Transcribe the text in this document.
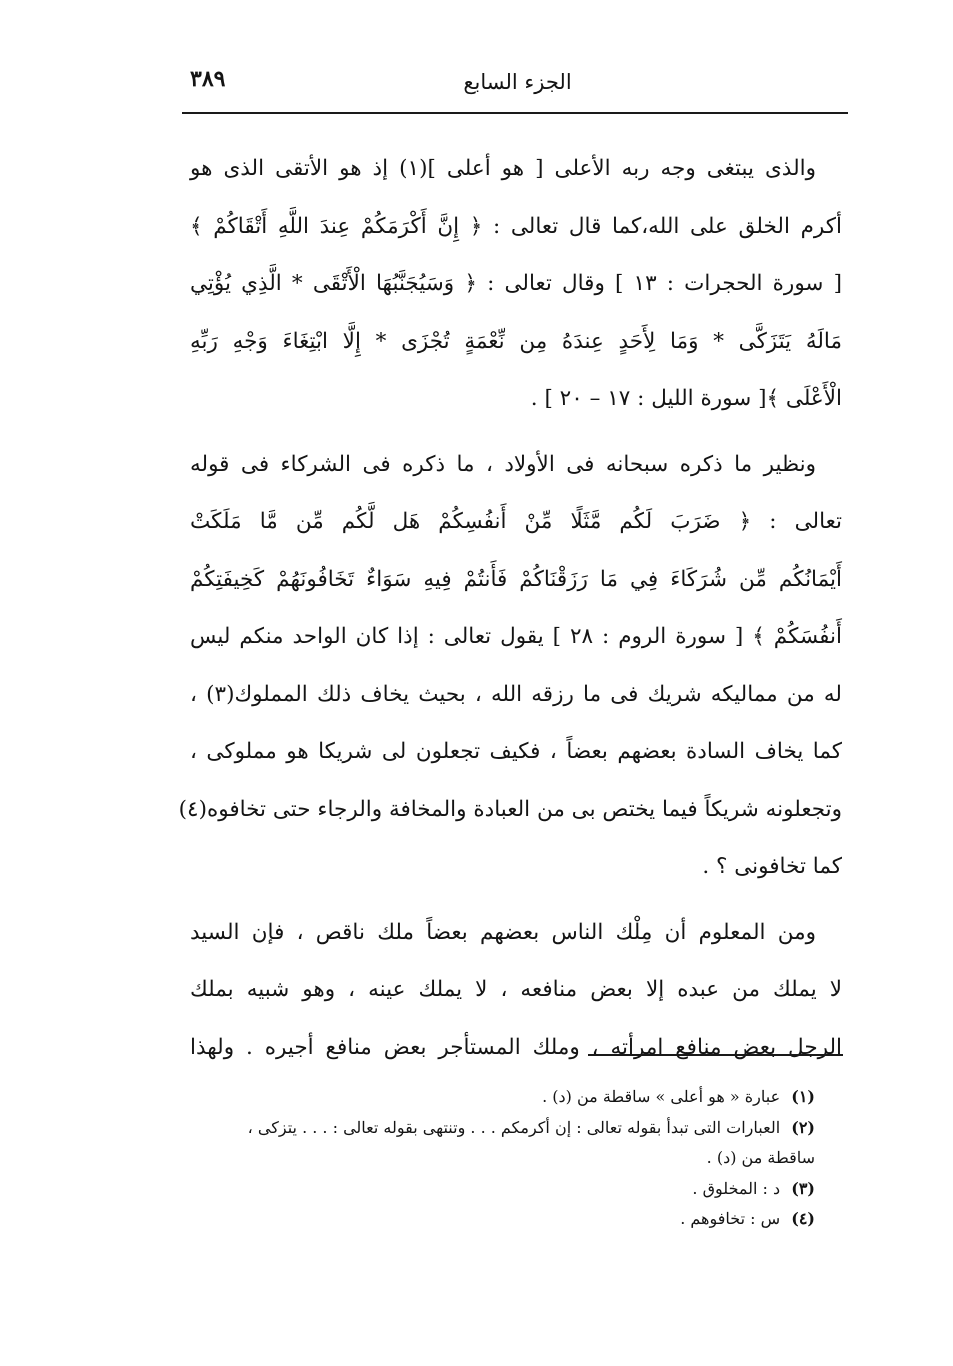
٣٨٩	الجزء السابع
والذى يبتغى وجه ربه الأعلى [ هو أعلى ](١) إذ هو الأتقى الذى هو
أكرم الخلق على الله،كما قال تعالى : ﴿ إِنَّ أَكْرَمَكُمْ عِندَ اللَّهِ أَتْقَاكُمْ ﴾
[ سورة الحجرات : ١٣ ] وقال تعالى : ﴿ وَسَيُجَنَّبُهَا الْأَتْقَى * الَّذِي يُؤْتِي
مَالَهُ يَتَزَكَّى * وَمَا لِأَحَدٍ عِندَهُ مِن نِّعْمَةٍ تُجْزَى * إِلَّا ابْتِغَاءَ وَجْهِ رَبِّهِ
الْأَعْلَى ﴾[ سورة الليل : ١٧ – ٢٠ ] .
ونظير ما ذكره سبحانه فى الأولاد ، ما ذكره فى الشركاء فى قوله
تعالى : ﴿ ضَرَبَ لَكُم مَّثَلًا مِّنْ أَنفُسِكُمْ هَل لَّكُم مِّن مَّا مَلَكَتْ
أَيْمَانُكُم مِّن شُرَكَاءَ فِي مَا رَزَقْنَاكُمْ فَأَنتُمْ فِيهِ سَوَاءٌ تَخَافُونَهُمْ كَخِيفَتِكُمْ
أَنفُسَكُمْ ﴾ [ سورة الروم : ٢٨ ] يقول تعالى : إذا كان الواحد منكم ليس
له من مماليكه شريك فى ما رزقه الله ، بحيث يخاف ذلك المملوك(٣) ،
كما يخاف السادة بعضهم بعضاً ، فكيف تجعلون لى شريكا هو مملوكى ،
وتجعلونه شريكاً فيما يختص بى من العبادة والمخافة والرجاء حتى تخافوه(٤)
كما تخافونى ؟ .
ومن المعلوم أن مِلْك الناس بعضهم بعضاً ملك ناقص ، فإن السيد
لا يملك من عبده إلا بعض منافعه ، لا يملك عينه ، وهو شبيه بملك
الرجل بعض منافع امرأته ، وملك المستأجر بعض منافع أجيره . ولهذا
(١) عبارة « هو أعلى » ساقطة من (د) .
(٢) العبارات التى تبدأ بقوله تعالى : إن أكرمكم . . . وتنتهى بقوله تعالى : . . . يتزكى ،
ساقطة من (د) .
(٣) د : المخلوق .
(٤) س : تخافوهم .
